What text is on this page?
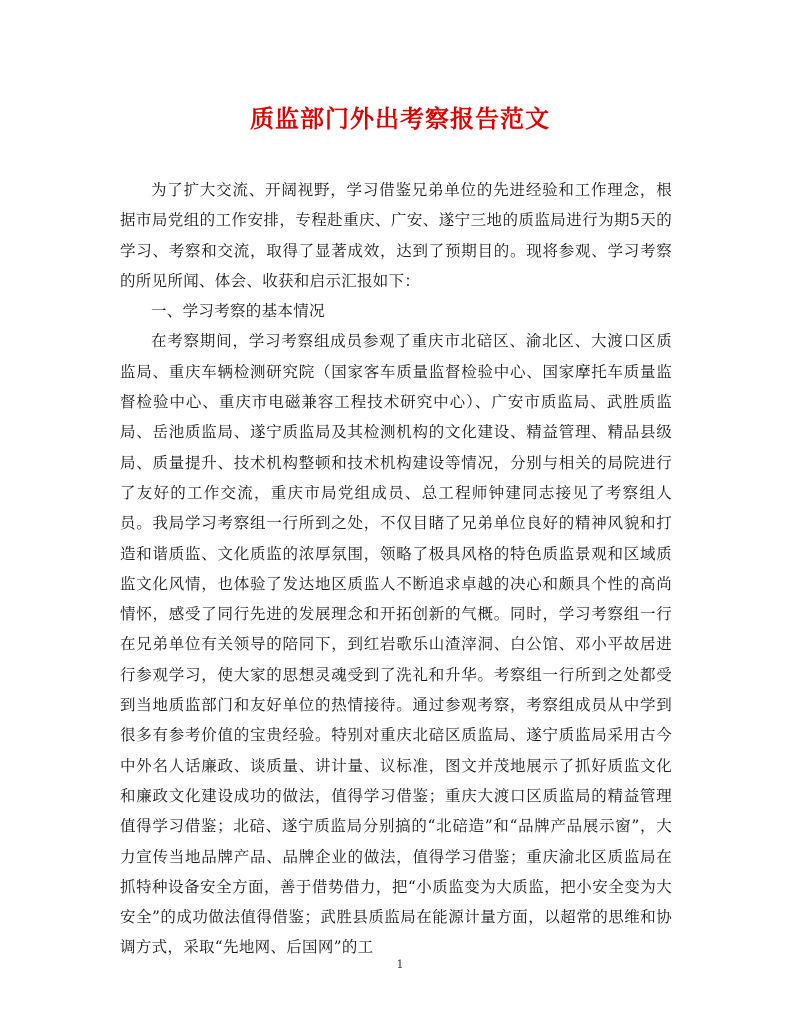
质监部门外出考察报告范文

为了扩大交流、开阔视野，学习借鉴兄弟单位的先进经验和工作理念，根据市局党组的工作安排，专程赴重庆、广安、遂宁三地的质监局进行为期5天的学习、考察和交流，取得了显著成效，达到了预期目的。现将参观、学习考察的所见所闻、体会、收获和启示汇报如下：

一、学习考察的基本情况

在考察期间，学习考察组成员参观了重庆市北碚区、渝北区、大渡口区质监局、重庆车辆检测研究院（国家客车质量监督检验中心、国家摩托车质量监督检验中心、重庆市电磁兼容工程技术研究中心）、广安市质监局、武胜质监局、岳池质监局、遂宁质监局及其检测机构的文化建设、精益管理、精品县级局、质量提升、技术机构整顿和技术机构建设等情况，分别与相关的局院进行了友好的工作交流，重庆市局党组成员、总工程师钟建同志接见了考察组人员。我局学习考察组一行所到之处，不仅目睹了兄弟单位良好的精神风貌和打造和谐质监、文化质监的浓厚氛围，领略了极具风格的特色质监景观和区域质监文化风情，也体验了发达地区质监人不断追求卓越的决心和颇具个性的高尚情怀，感受了同行先进的发展理念和开拓创新的气概。同时，学习考察组一行在兄弟单位有关领导的陪同下，到红岩歌乐山渣滓洞、白公馆、邓小平故居进行参观学习，使大家的思想灵魂受到了洗礼和升华。考察组一行所到之处都受到当地质监部门和友好单位的热情接待。通过参观考察，考察组成员从中学到很多有参考价值的宝贵经验。特别对重庆北碚区质监局、遂宁质监局采用古今中外名人话廉政、谈质量、讲计量、议标准，图文并茂地展示了抓好质监文化和廉政文化建设成功的做法，值得学习借鉴；重庆大渡口区质监局的精益管理值得学习借鉴；北碚、遂宁质监局分别搞的“北碚造”和“品牌产品展示窗”，大力宣传当地品牌产品、品牌企业的做法，值得学习借鉴；重庆渝北区质监局在抓特种设备安全方面，善于借势借力，把“小质监变为大质监，把小安全变为大安全”的成功做法值得借鉴；武胜县质监局在能源计量方面，以超常的思维和协调方式，采取“先地网、后国网”的工

1
